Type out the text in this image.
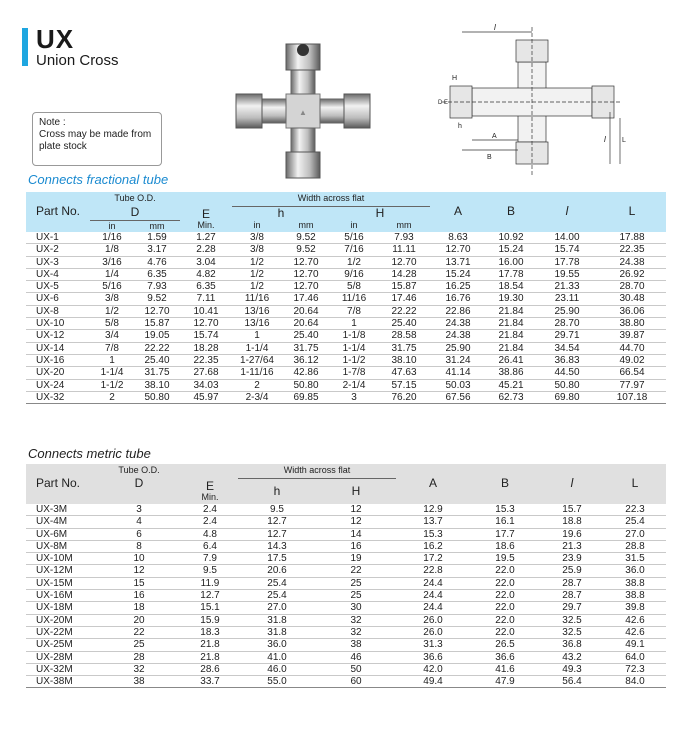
UX
Union Cross
Note :
Cross may be made from
plate stock
▲
l
H
D E
h
A
B
l L
Connects fractional tube
Part No.	Tube O.D.		E	Width across flat				A	B	l	L
	D			h		H					
	in	mm	Min.	in	mm	in	mm				
UX-1	1/16	1.59	1.27	3/8	9.52	5/16	7.93	8.63	10.92	14.00	17.88
UX-2	1/8	3.17	2.28	3/8	9.52	7/16	11.11	12.70	15.24	15.74	22.35
UX-3	3/16	4.76	3.04	1/2	12.70	1/2	12.70	13.71	16.00	17.78	24.38
UX-4	1/4	6.35	4.82	1/2	12.70	9/16	14.28	15.24	17.78	19.55	26.92
UX-5	5/16	7.93	6.35	1/2	12.70	5/8	15.87	16.25	18.54	21.33	28.70
UX-6	3/8	9.52	7.11	11/16	17.46	11/16	17.46	16.76	19.30	23.11	30.48
UX-8	1/2	12.70	10.41	13/16	20.64	7/8	22.22	22.86	21.84	25.90	36.06
UX-10	5/8	15.87	12.70	13/16	20.64	1	25.40	24.38	21.84	28.70	38.80
UX-12	3/4	19.05	15.74	1	25.40	1-1/8	28.58	24.38	21.84	29.71	39.87
UX-14	7/8	22.22	18.28	1-1/4	31.75	1-1/4	31.75	25.90	21.84	34.54	44.70
UX-16	1	25.40	22.35	1-27/64	36.12	1-1/2	38.10	31.24	26.41	36.83	49.02
UX-20	1-1/4	31.75	27.68	1-11/16	42.86	1-7/8	47.63	41.14	38.86	44.50	66.54
UX-24	1-1/2	38.10	34.03	2	50.80	2-1/4	57.15	50.03	45.21	50.80	77.97
UX-32	2	50.80	45.97	2-3/4	69.85	3	76.20	67.56	62.73	69.80	107.18
Connects metric tube
Part No.	Tube O.D.	E	Width across flat		A	B	l	L
	D		h	H				
		Min.						
UX-3M	3	2.4	9.5	12	12.9	15.3	15.7	22.3
UX-4M	4	2.4	12.7	12	13.7	16.1	18.8	25.4
UX-6M	6	4.8	12.7	14	15.3	17.7	19.6	27.0
UX-8M	8	6.4	14.3	16	16.2	18.6	21.3	28.8
UX-10M	10	7.9	17.5	19	17.2	19.5	23.9	31.5
UX-12M	12	9.5	20.6	22	22.8	22.0	25.9	36.0
UX-15M	15	11.9	25.4	25	24.4	22.0	28.7	38.8
UX-16M	16	12.7	25.4	25	24.4	22.0	28.7	38.8
UX-18M	18	15.1	27.0	30	24.4	22.0	29.7	39.8
UX-20M	20	15.9	31.8	32	26.0	22.0	32.5	42.6
UX-22M	22	18.3	31.8	32	26.0	22.0	32.5	42.6
UX-25M	25	21.8	36.0	38	31.3	26.5	36.8	49.1
UX-28M	28	21.8	41.0	46	36.6	36.6	43.2	64.0
UX-32M	32	28.6	46.0	50	42.0	41.6	49.3	72.3
UX-38M	38	33.7	55.0	60	49.4	47.9	56.4	84.0
